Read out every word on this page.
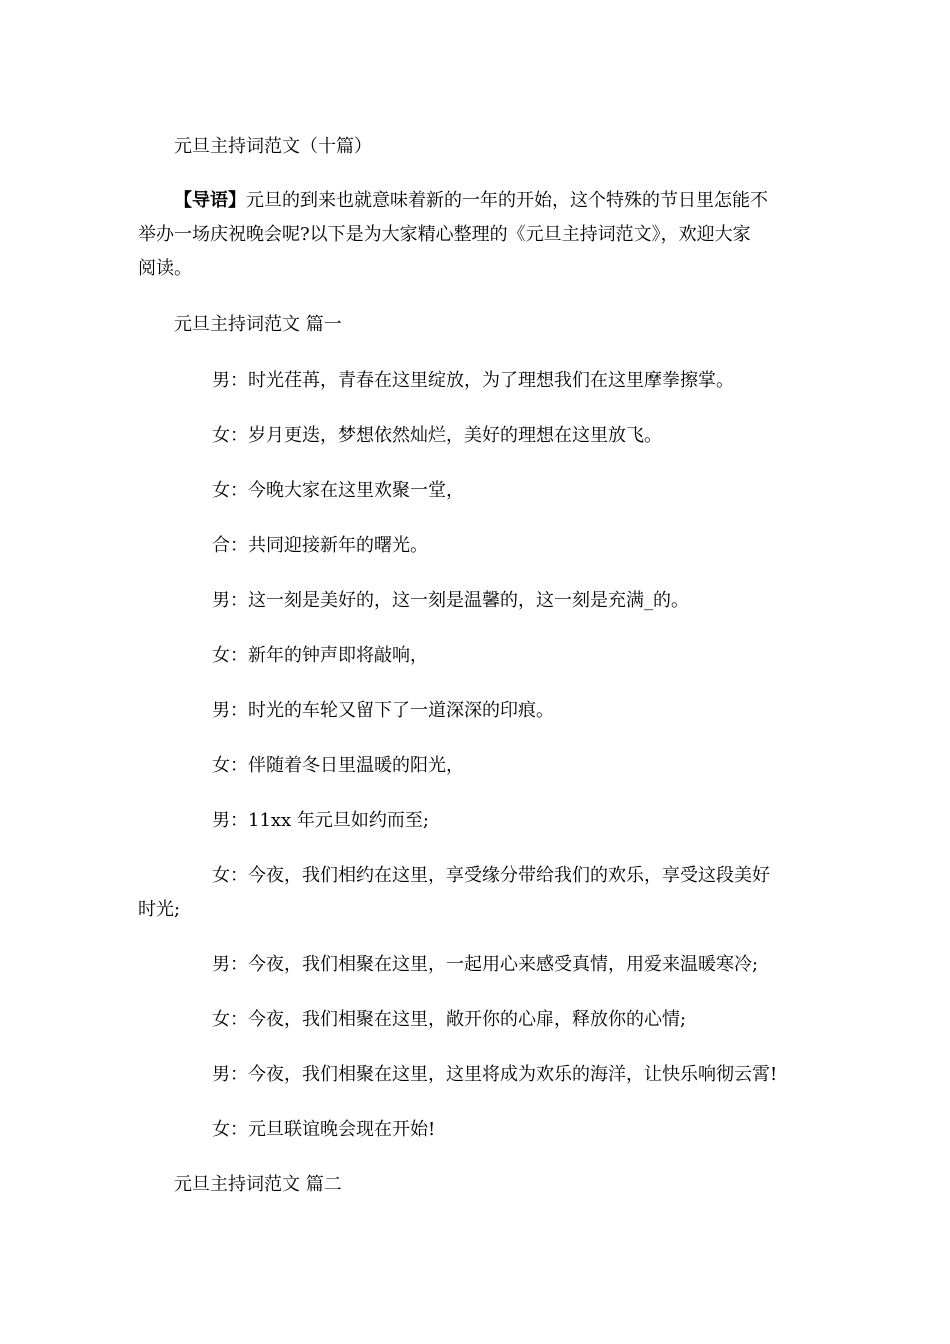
元旦主持词范文（十篇）

【导语】元旦的到来也就意味着新的一年的开始，这个特殊的节日里怎能不

举办一场庆祝晚会呢?以下是为大家精心整理的《元旦主持词范文》，欢迎大家

阅读。

元旦主持词范文 篇一

男：时光荏苒，青春在这里绽放，为了理想我们在这里摩拳擦掌。

女：岁月更迭，梦想依然灿烂，美好的理想在这里放飞。

女：今晚大家在这里欢聚一堂，

合：共同迎接新年的曙光。

男：这一刻是美好的，这一刻是温馨的，这一刻是充满_的。

女：新年的钟声即将敲响，

男：时光的车轮又留下了一道深深的印痕。

女：伴随着冬日里温暖的阳光，

男：11xx 年元旦如约而至;

女：今夜，我们相约在这里，享受缘分带给我们的欢乐，享受这段美好

时光;

男：今夜，我们相聚在这里，一起用心来感受真情，用爱来温暖寒冷;

女：今夜，我们相聚在这里，敞开你的心扉，释放你的心情;

男：今夜，我们相聚在这里，这里将成为欢乐的海洋，让快乐响彻云霄!

女：元旦联谊晚会现在开始!

元旦主持词范文 篇二
